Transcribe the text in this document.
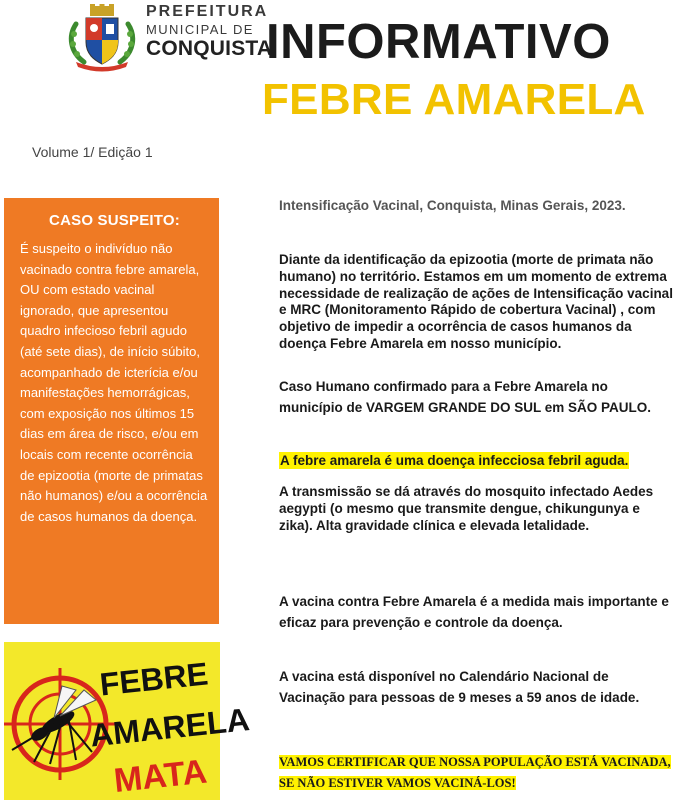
PREFEITURA
MUNICIPAL DE
CONQUISTA
INFORMATIVO
FEBRE AMARELA
Volume 1/ Edição 1
CASO SUSPEITO:

É suspeito o indivíduo não vacinado contra febre amarela, OU com estado vacinal ignorado, que apresentou quadro infecioso febril agudo (até sete dias), de início súbito, acompanhado de icterícia e/ou manifestações hemorrágicas, com exposição nos últimos 15 dias em área de risco, e/ou em locais com recente ocorrência de epizootia (morte de primatas não humanos) e/ou a ocorrência de casos humanos da doença.

FEBRE
AMARELA
MATA
Intensificação Vacinal, Conquista, Minas Gerais, 2023.
Diante da identificação da epizootia (morte de primata não humano) no território. Estamos em um momento de extrema necessidade de realização de ações de Intensificação vacinal e MRC (Monitoramento Rápido de cobertura Vacinal) , com objetivo de impedir a ocorrência de casos humanos da doença Febre Amarela em nosso município.
Caso Humano confirmado para a Febre Amarela no município de VARGEM GRANDE DO SUL em SÃO PAULO.
A febre amarela é uma doença infecciosa febril aguda.
A transmissão se dá através do mosquito infectado Aedes aegypti (o mesmo que transmite dengue, chikungunya e zika). Alta gravidade clínica e elevada letalidade.
A vacina contra Febre Amarela é a medida mais importante e eficaz para prevenção e controle da doença.
A vacina está disponível no Calendário Nacional de Vacinação para pessoas de 9 meses a 59 anos de idade.
VAMOS CERTIFICAR QUE NOSSA POPULAÇÃO ESTÁ VACINADA, SE NÃO ESTIVER VAMOS VACINÁ-LOS!
